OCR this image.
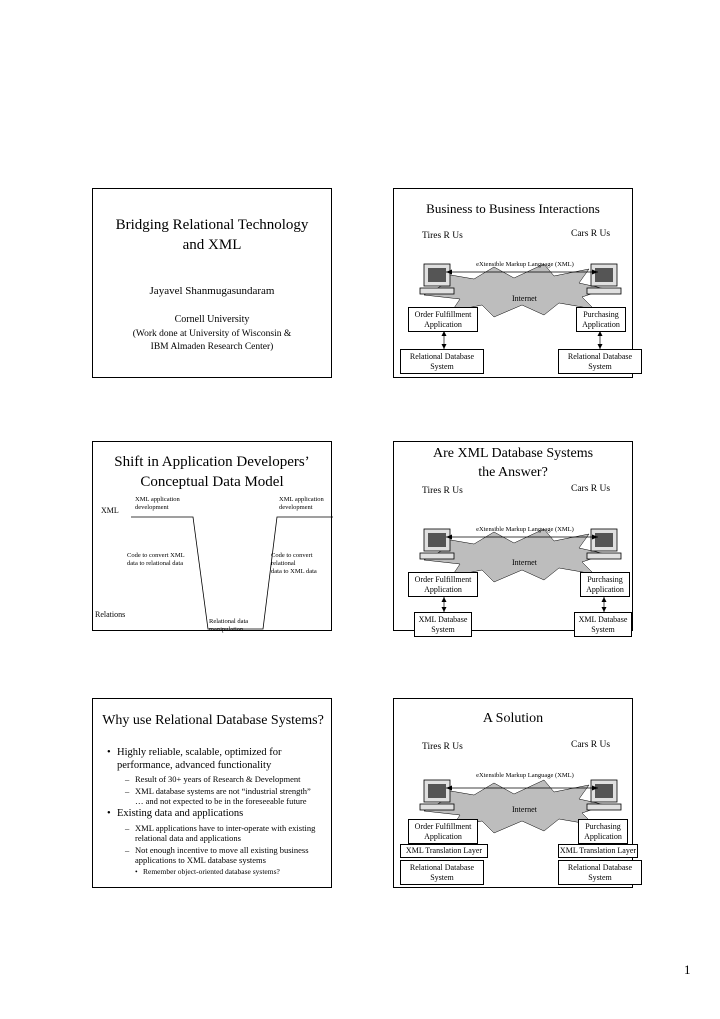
Bridging Relational Technology
and XML
Jayavel Shanmugasundaram
Cornell University
(Work done at University of Wisconsin &
IBM Almaden Research Center)
Business to Business Interactions
Tires R Us	Cars R Us
eXtensible Markup Language (XML)
Internet
Order Fulfillment
Application
Purchasing
Application
Relational Database
System
Relational Database
System
Shift in Application Developers’
Conceptual Data Model
XML
Relations
XML application
development
XML application
development
Code to convert XML
data to relational data
Code to convert relational
data to XML data
Relational data
manipulation
Are XML Database Systems
the Answer?
Tires R Us	Cars R Us
eXtensible Markup Language (XML)
Internet
Order Fulfillment
Application
Purchasing
Application
XML Database
System
XML Database
System
Why use Relational Database Systems?
• Highly reliable, scalable, optimized for
performance, advanced functionality
– Result of 30+ years of Research & Development
– XML database systems are not “industrial strength”
… and not expected to be in the foreseeable future
• Existing data and applications
– XML applications have to inter-operate with existing
relational data and applications
– Not enough incentive to move all existing business
applications to XML database systems
• Remember object-oriented database systems?
A Solution
Tires R Us	Cars R Us
eXtensible Markup Language (XML)
Internet
Order Fulfillment
Application
Purchasing
Application
XML Translation Layer	XML Translation Layer
Relational Database
System
Relational Database
System
1
